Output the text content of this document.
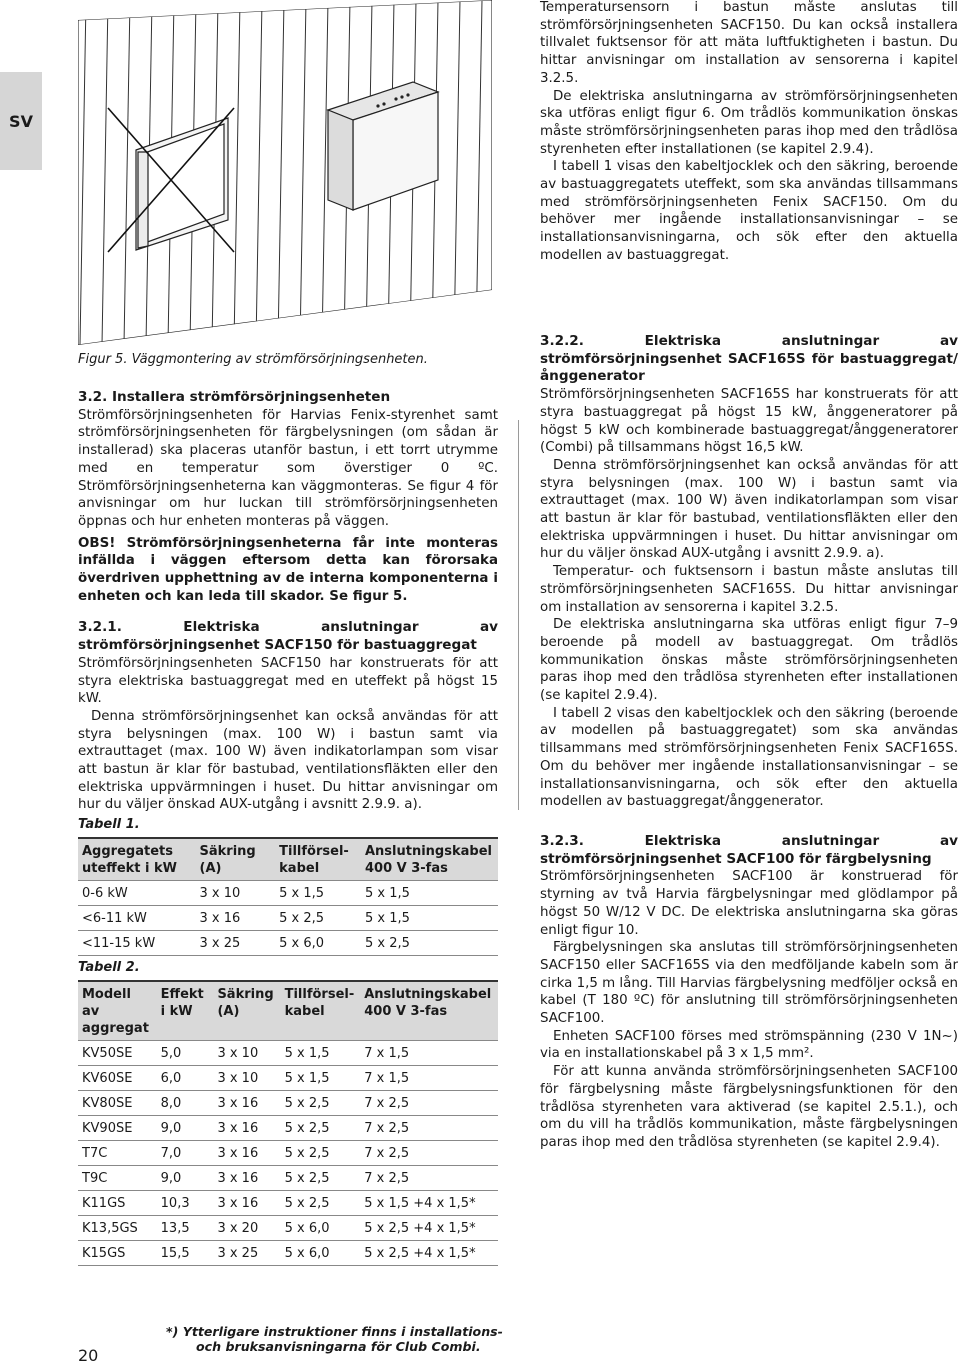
SV
Figur 5. Väggmontering av strömförsörjningsenheten.
3.2. Installera strömförsörjningsenheten

Strömförsörjningsenheten för Harvias Fenix-styrenhet samt strömförsörjningsenheten för färgbelysningen (om sådan är installerad) ska placeras utanför bastun, i ett torrt utrymme med en temperatur som överstiger 0 ºC. Strömförsörjningsenheterna kan väggmonteras. Se figur 4 för anvisningar om hur luckan till strömförsörjningsenheten öppnas och hur enheten monteras på väggen.

OBS! Strömförsörjningsenheterna får inte monteras infällda i väggen eftersom detta kan förorsaka överdriven upphettning av de interna komponenterna i enheten och kan leda till skador. Se figur 5.

3.2.1. Elektriska anslutningar av strömförsörjningsenhet SACF150 för bastuaggregat

Strömförsörjningsenheten SACF150 har konstruerats för att styra elektriska bastuaggregat med en uteffekt på högst 15 kW.

Denna strömförsörjningsenhet kan också användas för att styra belysningen (max. 100 W) i bastun samt via extrauttaget (max. 100 W) även indikatorlampan som visar att bastun är klar för bastubad, ventilationsfläkten eller den elektriska uppvärmningen i huset. Du hittar anvisningar om hur du väljer önskad AUX-utgång i avsnitt 2.9.9. a).

Tabell 1.
Aggregatets uteffekt i kW	Säkring (A)	Tillförsel-kabel	Anslutningskabel 400 V 3-fas
0-6 kW	3 x 10	5 x 1,5	5 x 1,5
<6-11 kW	3 x 16	5 x 2,5	5 x 1,5
<11-15 kW	3 x 25	5 x 6,0	5 x 2,5
Tabell 2.
Modell av aggregat	Effekt i kW	Säkring (A)	Tillförsel-kabel	Anslutningskabel 400 V 3-fas
KV50SE	5,0	3 x 10	5 x 1,5	7 x 1,5
KV60SE	6,0	3 x 10	5 x 1,5	7 x 1,5
KV80SE	8,0	3 x 16	5 x 2,5	7 x 2,5
KV90SE	9,0	3 x 16	5 x 2,5	7 x 2,5
T7C	7,0	3 x 16	5 x 2,5	7 x 2,5
T9C	9,0	3 x 16	5 x 2,5	7 x 2,5
K11GS	10,3	3 x 16	5 x 2,5	5 x 1,5 +4 x 1,5*
K13,5GS	13,5	3 x 20	5 x 6,0	5 x 2,5 +4 x 1,5*
K15GS	15,5	3 x 25	5 x 6,0	5 x 2,5 +4 x 1,5*
*) Ytterligare instruktioner finns i installations-
och bruksanvisningarna för Club Combi.
20

Temperatursensorn i bastun måste anslutas till strömförsörjningsenheten SACF150. Du kan också installera tillvalet fuktsensor för att mäta luftfuktigheten i bastun. Du hittar anvisningar om installation av sensorerna i kapitel 3.2.5.

De elektriska anslutningarna av strömförsörjningsenheten ska utföras enligt figur 6. Om trådlös kommunikation önskas måste strömförsörjningsenheten paras ihop med den trådlösa styrenheten efter installationen (se kapitel 2.9.4).

I tabell 1 visas den kabeltjocklek och den säkring, beroende av bastuaggregatets uteffekt, som ska användas tillsammans med strömförsörjningsenheten Fenix SACF150. Om du behöver mer ingående installationsanvisningar – se installationsanvisningarna, och sök efter den aktuella modellen av bastuaggregat.

3.2.2. Elektriska anslutningar av strömförsörjningsenhet SACF165S för bastuaggregat/ånggenerator

Strömförsörjningsenheten SACF165S har konstruerats för att styra bastuaggregat på högst 15 kW, ånggeneratorer på högst 5 kW och kombinerade bastuaggregat/ånggeneratorer (Combi) på tillsammans högst 16,5 kW.

Denna strömförsörjningsenhet kan också användas för att styra belysningen (max. 100 W) i bastun samt via extrauttaget (max. 100 W) även indikatorlampan som visar att bastun är klar för bastubad, ventilationsfläkten eller den elektriska uppvärmningen i huset. Du hittar anvisningar om hur du väljer önskad AUX-utgång i avsnitt 2.9.9. a).

Temperatur- och fuktsensorn i bastun måste anslutas till strömförsörjningsenheten SACF165S. Du hittar anvisningar om installation av sensorerna i kapitel 3.2.5.

De elektriska anslutningarna ska utföras enligt figur 7–9 beroende på modell av bastuaggregat. Om trådlös kommunikation önskas måste strömförsörjningsenheten paras ihop med den trådlösa styrenheten efter installationen (se kapitel 2.9.4).

I tabell 2 visas den kabeltjocklek och den säkring (beroende av modellen på bastuaggregatet) som ska användas tillsammans med strömförsörjningsenheten Fenix SACF165S. Om du behöver mer ingående installationsanvisningar – se installationsanvisningarna, och sök efter den aktuella modellen av bastuaggregat/ånggenerator.

3.2.3. Elektriska anslutningar av strömförsörjningsenhet SACF100 för färgbelysning

Strömförsörjningsenheten SACF100 är konstruerad för styrning av två Harvia färgbelysningar med glödlampor på högst 50 W/12 V DC. De elektriska anslutningarna ska göras enligt figur 10.

Färgbelysningen ska anslutas till strömförsörjningsenheten SACF150 eller SACF165S via den medföljande kabeln som är cirka 1,5 m lång. Till Harvias färgbelysning medföljer också en kabel (T 180 ºC) för anslutning till strömförsörjningsenheten SACF100.

Enheten SACF100 förses med strömspänning (230 V 1N~) via en installationskabel på 3 x 1,5 mm².

För att kunna använda strömförsörjningsenheten SACF100 för färgbelysning måste färgbelysningsfunktionen för den trådlösa styrenheten vara aktiverad (se kapitel 2.5.1.), och om du vill ha trådlös kommunikation, måste färgbelysningen paras ihop med den trådlösa styrenheten (se kapitel 2.9.4).
